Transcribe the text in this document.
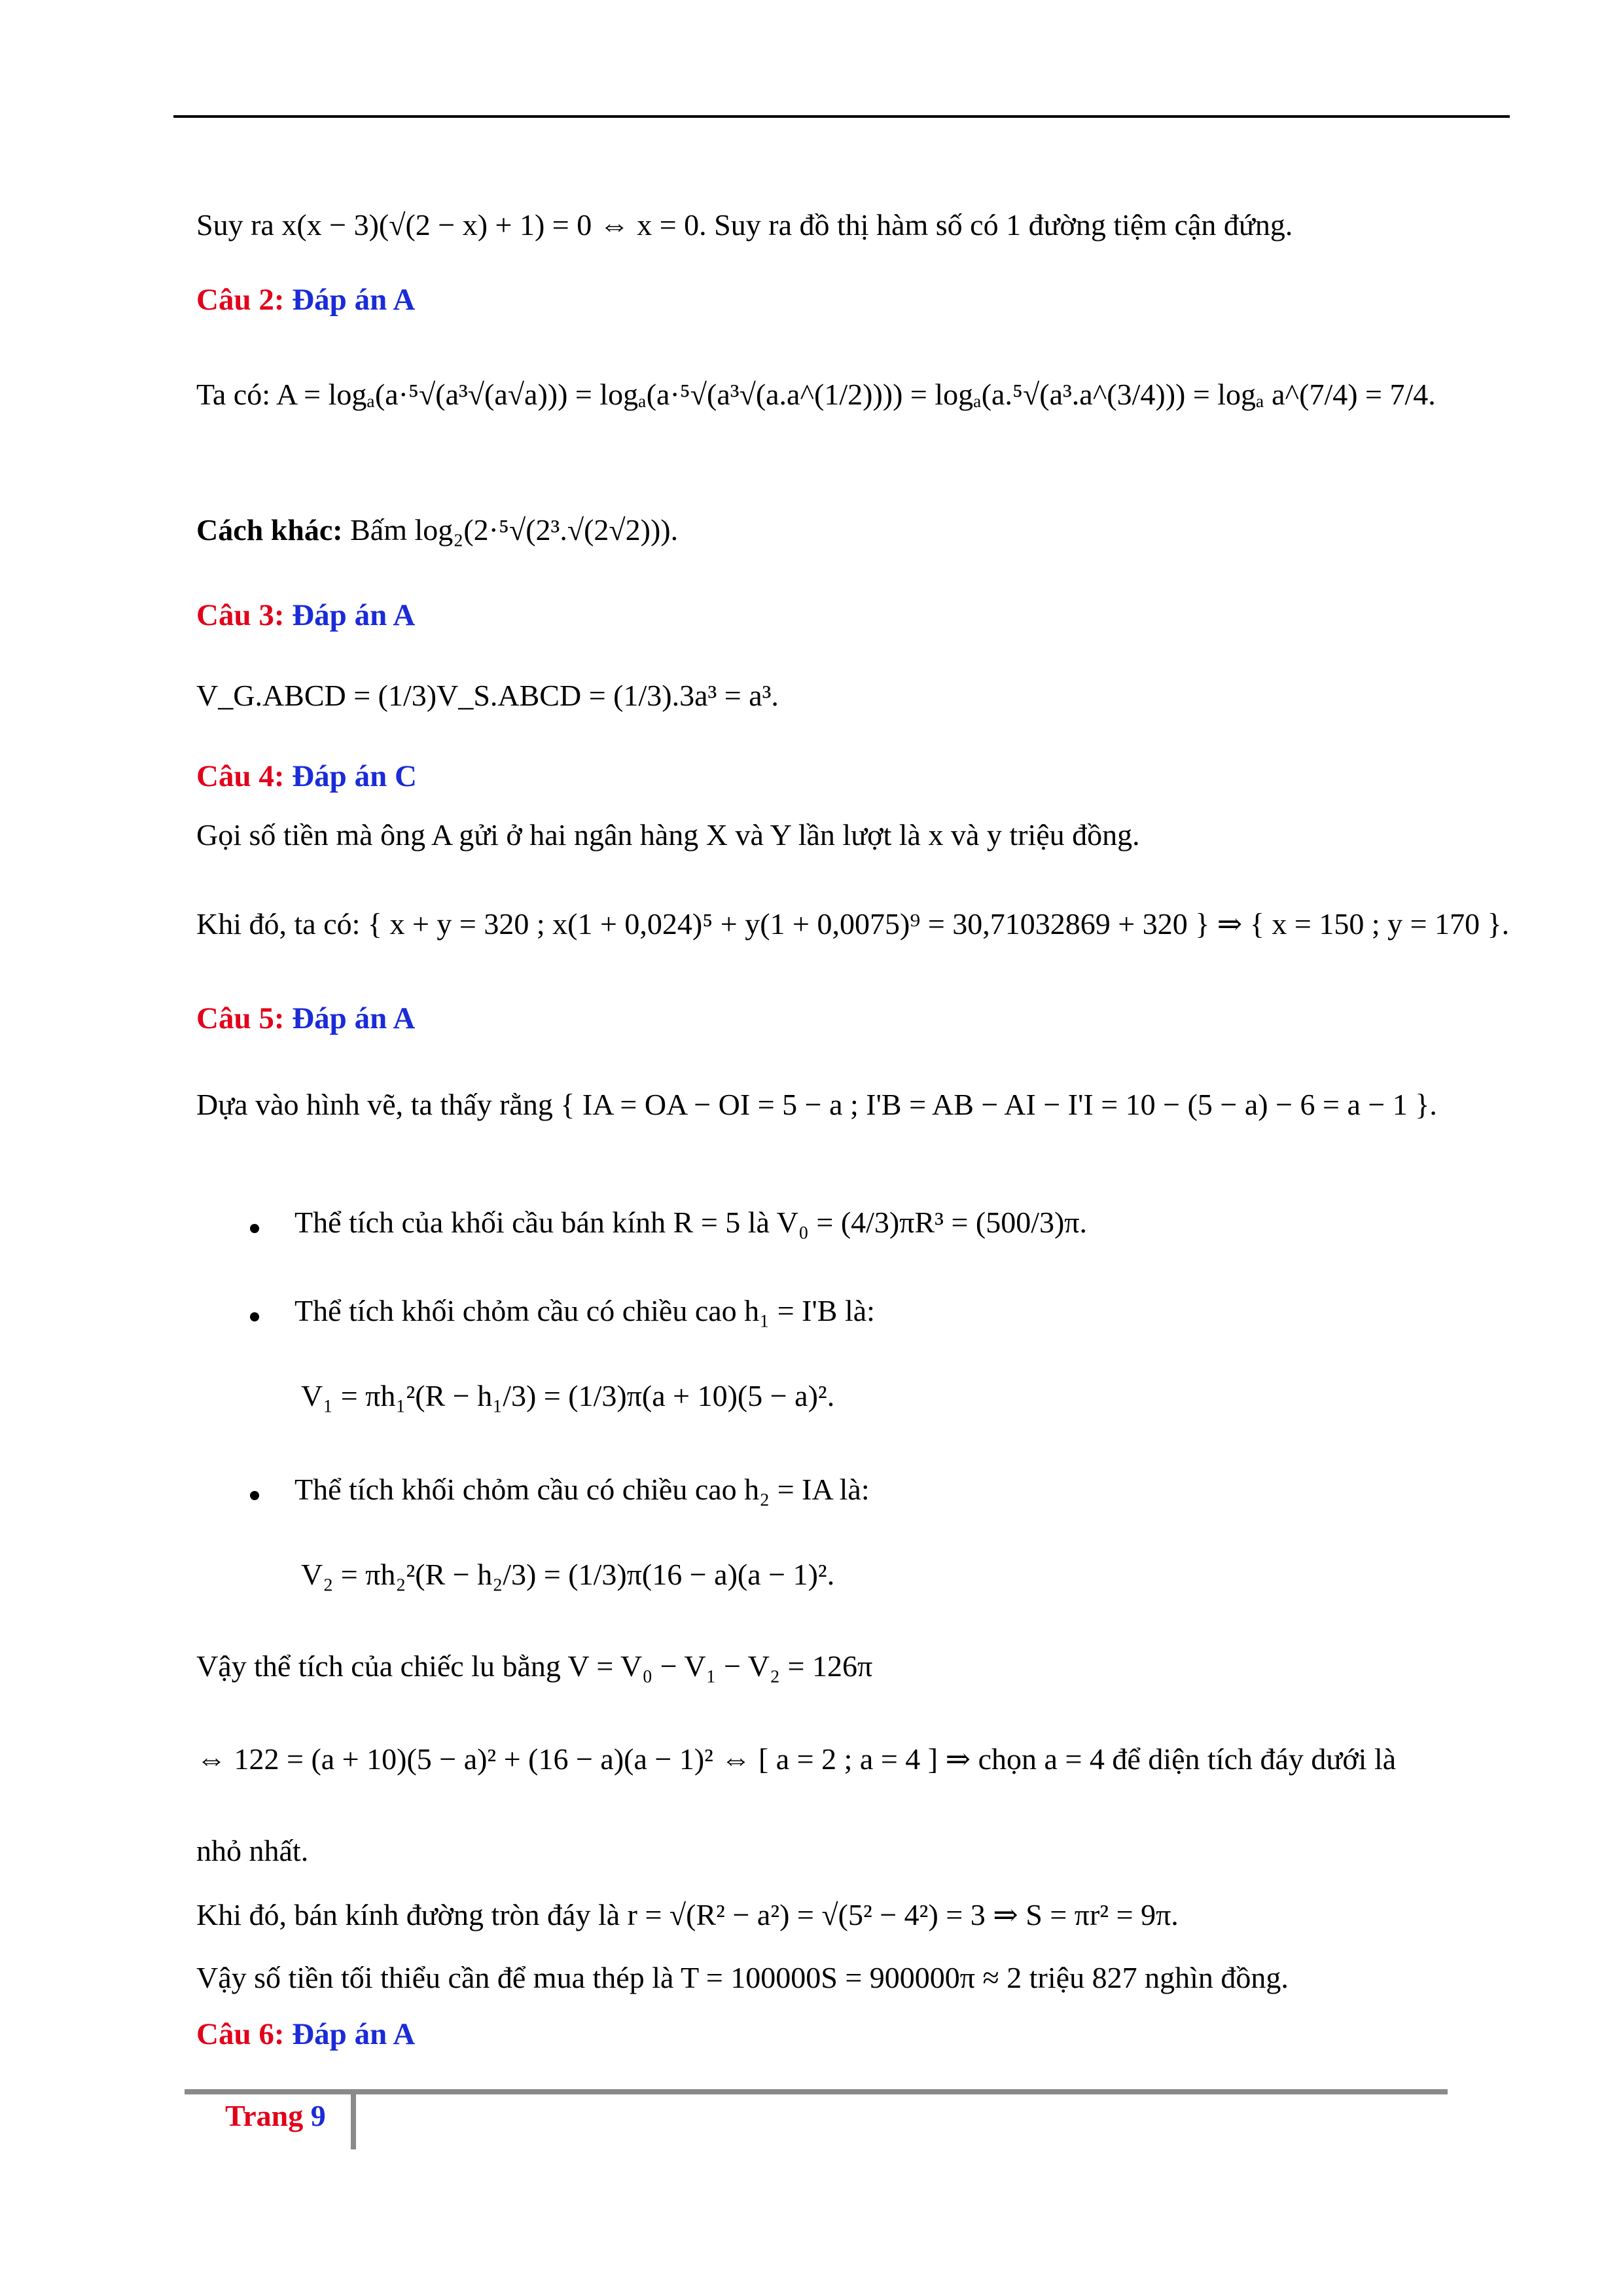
Suy ra x(x − 3)(√(2 − x) + 1) = 0 ⇔ x = 0. Suy ra đồ thị hàm số có 1 đường tiệm cận đứng.
Câu 2: Đáp án A
Ta có: A = logₐ(a·⁵√(a³√(a√a))) = logₐ(a·⁵√(a³√(a.a^(1/2)))) = logₐ(a.⁵√(a³.a^(3/4))) = logₐ a^(7/4) = 7/4.
Cách khác: Bấm log₂(2·⁵√(2³.√(2√2))).
Câu 3: Đáp án A
V_G.ABCD = (1/3)V_S.ABCD = (1/3).3a³ = a³.
Câu 4: Đáp án C
Gọi số tiền mà ông A gửi ở hai ngân hàng X và Y lần lượt là x và y triệu đồng.
Khi đó, ta có: { x + y = 320 ; x(1 + 0,024)⁵ + y(1 + 0,0075)⁹ = 30,71032869 + 320 } ⇒ { x = 150 ; y = 170 }.
Câu 5: Đáp án A
Dựa vào hình vẽ, ta thấy rằng { IA = OA − OI = 5 − a ; I'B = AB − AI − I'I = 10 − (5 − a) − 6 = a − 1 }.
Thể tích của khối cầu bán kính R = 5 là V₀ = (4/3)πR³ = (500/3)π.
Thể tích khối chỏm cầu có chiều cao h₁ = I'B là:
V₁ = πh₁²(R − h₁/3) = (1/3)π(a + 10)(5 − a)².
Thể tích khối chỏm cầu có chiều cao h₂ = IA là:
V₂ = πh₂²(R − h₂/3) = (1/3)π(16 − a)(a − 1)².
Vậy thể tích của chiếc lu bằng V = V₀ − V₁ − V₂ = 126π
⇔ 122 = (a + 10)(5 − a)² + (16 − a)(a − 1)² ⇔ [ a = 2 ; a = 4 ] ⇒ chọn a = 4 để diện tích đáy dưới là
nhỏ nhất.
Khi đó, bán kính đường tròn đáy là r = √(R² − a²) = √(5² − 4²) = 3 ⇒ S = πr² = 9π.
Vậy số tiền tối thiểu cần để mua thép là T = 100000S = 900000π ≈ 2 triệu 827 nghìn đồng.
Câu 6: Đáp án A
Trang 9
